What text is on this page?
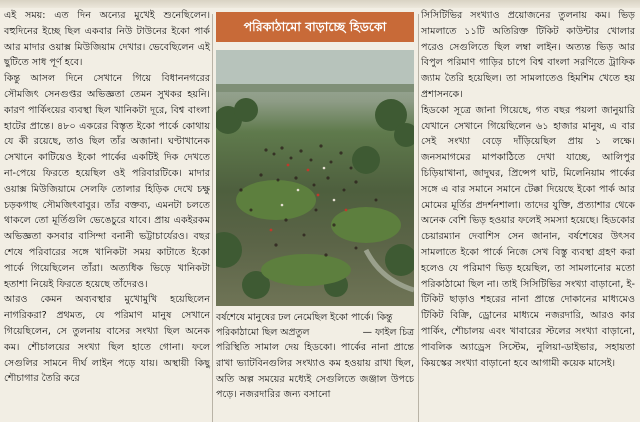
এই সময়: এত দিন অন্যের মুখেই শুনেছিলেন। বহুদিনের ইচ্ছে ছিল একবার নিউ টাউনের ইকো পার্ক আর মাদার ওয়াক্স মিউজিয়াম দেখার। ভেবেছিলেন এই ছুটিতে সাধ পূর্ণ হবে।

কিন্তু আসল দিনে সেখানে গিয়ে বিধাননগরের সৌমজিৎ সেনগুপ্তর অভিজ্ঞতা তেমন সুখকর হয়নি। কারণ পার্কিংয়ের ব্যবস্থা ছিল খানিকটা দূরে, বিশ্ব বাংলা হাটের প্রান্তে। ৪৮০ একরের বিস্তৃত ইকো পার্কে কোথায় যে কী রয়েছে, তাও ছিল তাঁর অজানা। ঘণ্টাখানেক সেখানে কাটিয়েও ইকো পার্কের একটিই দিক দেখতে না-পেয়ে ফিরতে হয়েছিল ওই পরিবারটিকে। মাদার ওয়াক্স মিউজিয়ামে সেলফি তোলার হিড়িক দেখে চক্ষু চড়কগাছ সৌমজিৎবাবুর। তাঁর বক্তব্য, এমনটা চলতে থাকলে তো মূর্তিগুলি ভেঙেচুরে যাবে। প্রায় একইরকম অভিজ্ঞতা কসবার বাসিন্দা বনানী ভট্টাচার্যেরও। বছর শেষে পরিবারের সঙ্গে খানিকটা সময় কাটাতে ইকো পার্কে গিয়েছিলেন তাঁরা। অত্যধিক ভিড়ে খানিকটা হতাশা নিয়েই ফিরতে হয়েছে তাঁদেরও।

আরও কেমন অব্যবস্থার মুখোমুখি হয়েছিলেন নাগরিকরা? প্রথমত, যে পরিমাণ মানুষ সেখানে গিয়েছিলেন, সে তুলনায় বাসের সংখ্যা ছিল অনেক কম। শৌচালয়ের সংখ্যা ছিল হাতে গোনা। ফলে সেগুলির সামনে দীর্ঘ লাইন পড়ে যায়। অস্থায়ী কিছু শৌচাগার তৈরি করে

পরিকাঠামো বাড়াচ্ছে হিডকো
বর্ষশেষে মানুষের ঢল নেমেছিল ইকো পার্কে। কিন্তু পরিকাঠামো ছিল অপ্রতুল	— ফাইল চিত্র

পরিস্থিতি সামাল দেয় হিডকো। পার্কের নানা প্রান্তে রাখা ভ্যাটবিনগুলির সংখ্যাও কম হওয়ায় রাখা ছিল, অতি অল্প সময়ের মধ্যেই সেগুলিতে জঞ্জাল উপচে পড়ে। নজরদারির জন্য বসানো

সিসিটিভির সংখ্যাও প্রয়োজনের তুলনায় কম। ভিড় সামলাতে ১১টি অতিরিক্ত টিকিট কাউন্টার খোলার পরেও সেগুলিতে ছিল লম্বা লাইন। অত্যন্ত ভিড় আর বিপুল পরিমাণ গাড়ির চাপে বিশ্ব বাংলা সরণিতে ট্রাফিক জ্যাম তৈরি হয়েছিল। তা সামলাতেও হিমশিম খেতে হয় প্রশাসনকে।

হিডকো সূত্রে জানা গিয়েছে, গত বছর পয়লা জানুয়ারি যেখানে সেখানে গিয়েছিলেন ৬১ হাজার মানুষ, এ বার সেই সংখ্যা বেড়ে দাঁড়িয়েছিল প্রায় ১ লক্ষে। জনসমাগমের মাপকাঠিতে দেখা যাচ্ছে, আলিপুর চিড়িয়াখানা, জাদুঘর, প্রিন্সেপ ঘাট, মিলেনিয়াম পার্কের সঙ্গে এ বার সমানে সমানে টেক্কা দিয়েছে ইকো পার্ক আর মোমের মূর্তির প্রদর্শনশালা। তাদের যুক্তি, প্রত্যাশার থেকে অনেক বেশি ভিড় হওয়ার ফলেই সমস্যা হয়েছে। হিডকোর চেয়ারম্যান দেবাশিস সেন জানান, বর্ষশেষের উৎসব সামলাতে ইকো পার্কে নিজে সেখ বিস্তু ব্যবস্থা গ্রহণ করা হলেও যে পরিমাণ ভিড় হয়েছিল, তা সামলানোর মতো পরিকাঠামো ছিল না। তাই সিসিটিভির সংখ্যা বাড়ানো, ই-টিকিট ছাড়াও শহরের নানা প্রান্তে দোকানের মাধ্যমেও টিকিট বিক্রি, ড্রোনের মাধ্যমে নজরদারি, আরও কার পার্কিং, শৌচালয় এবং খাবারের স্টলের সংখ্যা বাড়ানো, পাবলিক অ্যাড্রেস সিস্টেম, নুলিয়া-ডাইভার, সহায়তা কিয়স্কের সংখ্যা বাড়ানো হবে আগামী কয়েক মাসেই।
